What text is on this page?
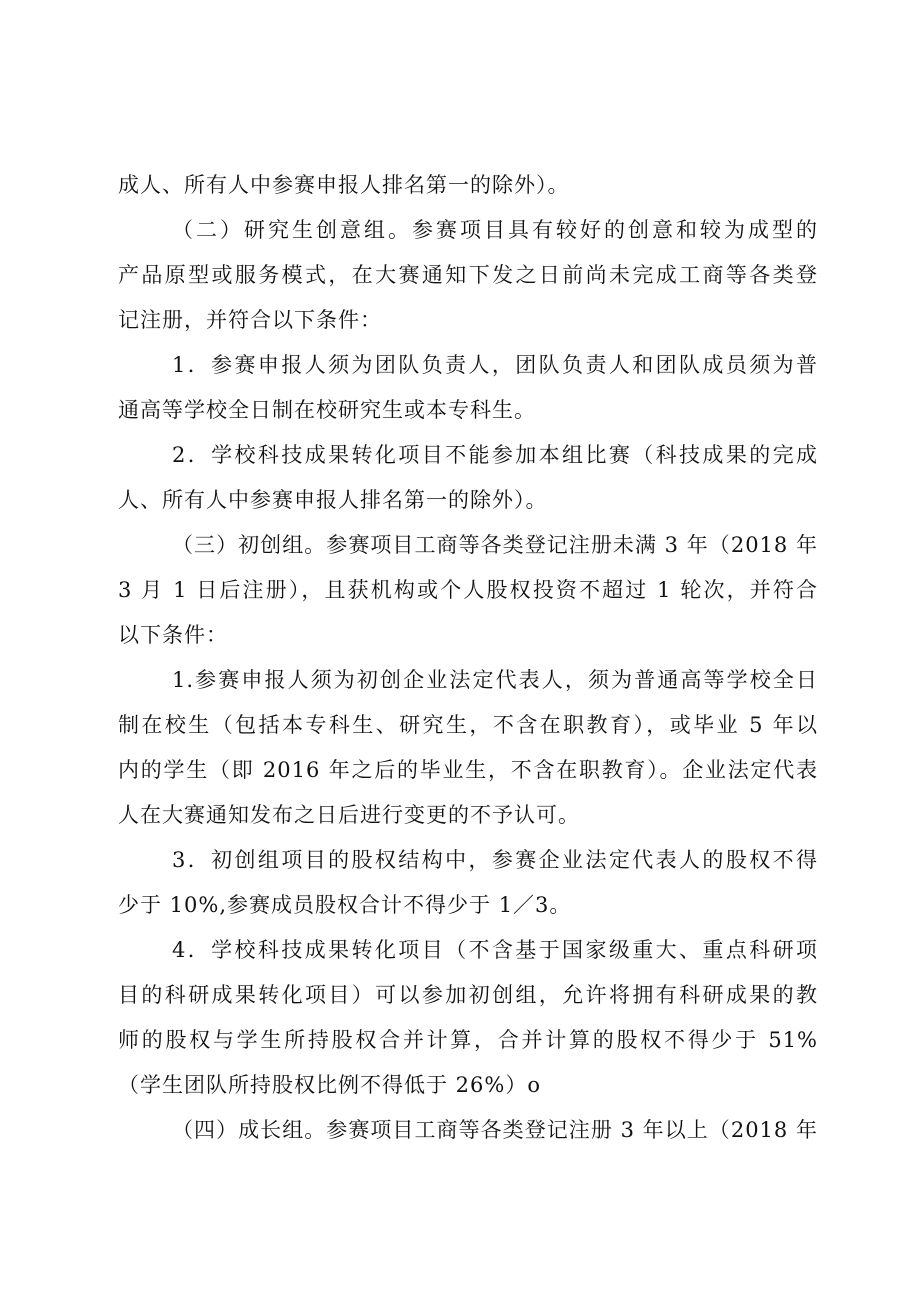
成人、所有人中参赛申报人排名第一的除外）。
（二）研究生创意组。参赛项目具有较好的创意和较为成型的
产品原型或服务模式，在大赛通知下发之日前尚未完成工商等各类登
记注册，并符合以下条件：
1．参赛申报人须为团队负责人，团队负责人和团队成员须为普
通高等学校全日制在校研究生或本专科生。
2．学校科技成果转化项目不能参加本组比赛（科技成果的完成
人、所有人中参赛申报人排名第一的除外）。
（三）初创组。参赛项目工商等各类登记注册未满 3 年（2018 年
3 月 1 日后注册），且获机构或个人股权投资不超过 1 轮次，并符合
以下条件：
1.参赛申报人须为初创企业法定代表人，须为普通高等学校全日
制在校生（包括本专科生、研究生，不含在职教育），或毕业 5 年以
内的学生（即 2016 年之后的毕业生，不含在职教育）。企业法定代表
人在大赛通知发布之日后进行变更的不予认可。
3．初创组项目的股权结构中，参赛企业法定代表人的股权不得
少于 10%,参赛成员股权合计不得少于 1／3。
4．学校科技成果转化项目（不含基于国家级重大、重点科研项
目的科研成果转化项目）可以参加初创组，允许将拥有科研成果的教
师的股权与学生所持股权合并计算，合并计算的股权不得少于 51%
（学生团队所持股权比例不得低于 26%）o
（四）成长组。参赛项目工商等各类登记注册 3 年以上（2018 年
